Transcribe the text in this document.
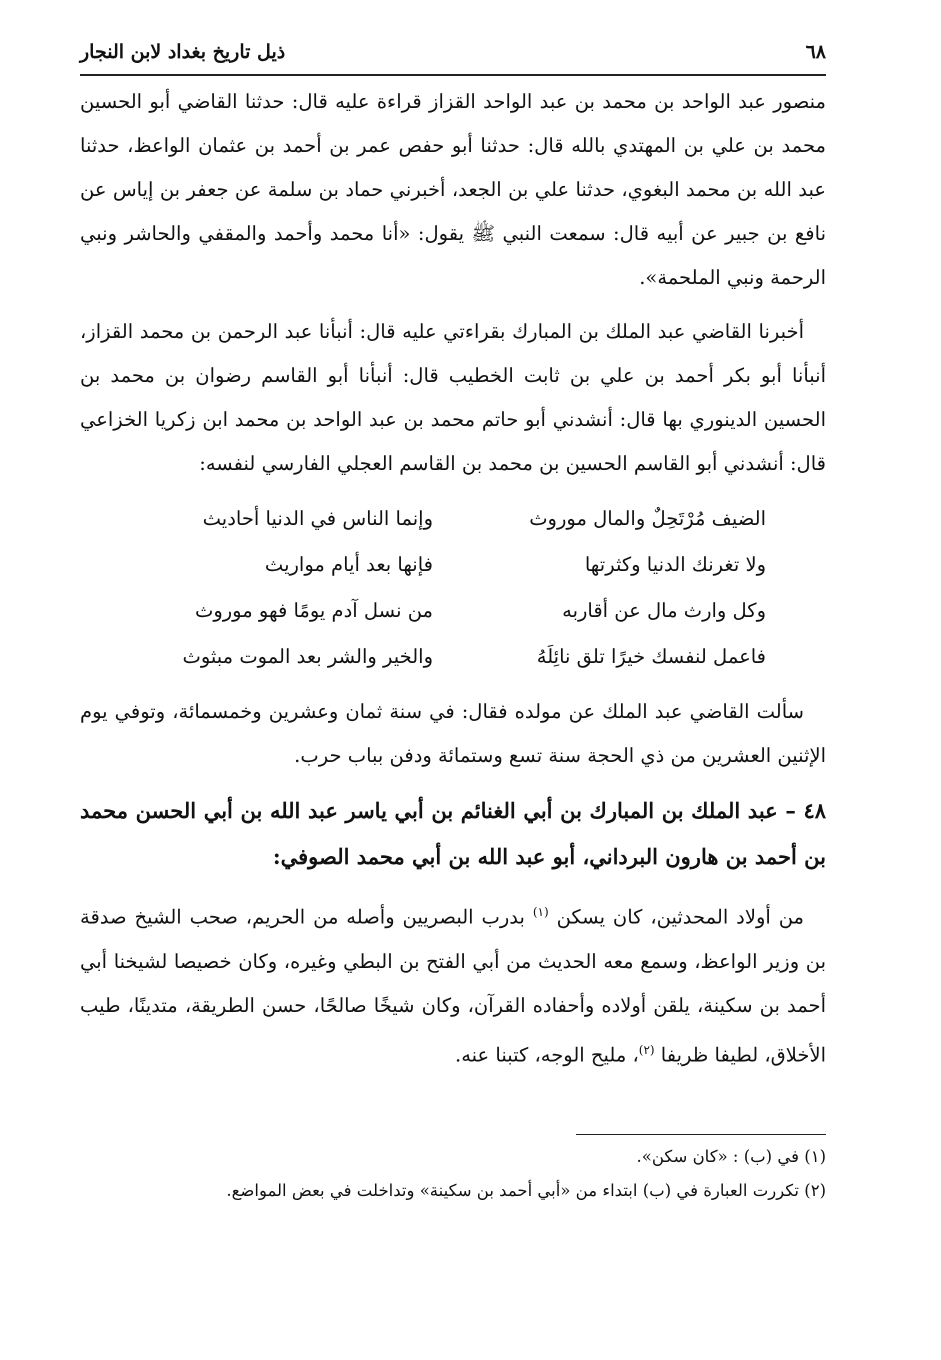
٦٨
ذيل تاريخ بغداد لابن النجار

منصور عبد الواحد بن محمد بن عبد الواحد القزاز قراءة عليه قال: حدثنا القاضي أبو الحسين محمد بن علي بن المهتدي بالله قال: حدثنا أبو حفص عمر بن أحمد بن عثمان الواعظ، حدثنا عبد الله بن محمد البغوي، حدثنا علي بن الجعد، أخبرني حماد بن سلمة عن جعفر بن إياس عن نافع بن جبير عن أبيه قال: سمعت النبي ﷺ يقول: «أنا محمد وأحمد والمقفي والحاشر ونبي الرحمة ونبي الملحمة».

أخبرنا القاضي عبد الملك بن المبارك بقراءتي عليه قال: أنبأنا عبد الرحمن بن محمد القزاز، أنبأنا أبو بكر أحمد بن علي بن ثابت الخطيب قال: أنبأنا أبو القاسم رضوان بن محمد بن الحسين الدينوري بها قال: أنشدني أبو حاتم محمد بن عبد الواحد بن محمد ابن زكريا الخزاعي قال: أنشدني أبو القاسم الحسين بن محمد بن القاسم العجلي الفارسي لنفسه:

الضيف مُرْتَحِلٌ والمال موروث
وإنما الناس في الدنيا أحاديث
ولا تغرنك الدنيا وكثرتها
فإنها بعد أيام مواريث
وكل وارث مال عن أقاربه
من نسل آدم يومًا فهو موروث
فاعمل لنفسك خيرًا تلق نائِلَهُ
والخير والشر بعد الموت مبثوث

سألت القاضي عبد الملك عن مولده فقال: في سنة ثمان وعشرين وخمسمائة، وتوفي يوم الإثنين العشرين من ذي الحجة سنة تسع وستمائة ودفن بباب حرب.

٤٨ – عبد الملك بن المبارك بن أبي الغنائم بن أبي ياسر عبد الله بن أبي الحسن محمد بن أحمد بن هارون البرداني، أبو عبد الله بن أبي محمد الصوفي:

من أولاد المحدثين، كان يسكن $^{(١)}$ بدرب البصريين وأصله من الحريم، صحب الشيخ صدقة بن وزير الواعظ، وسمع معه الحديث من أبي الفتح بن البطي وغيره، وكان خصيصا لشيخنا أبي أحمد بن سكينة، يلقن أولاده وأحفاده القرآن، وكان شيخًا صالحًا، حسن الطريقة، متدينًا، طيب الأخلاق، لطيفا ظريفا $^{(٢)}$، مليح الوجه، كتبنا عنه.

(١) في (ب) : «كان سكن».

(٢) تكررت العبارة في (ب) ابتداء من «أبي أحمد بن سكينة» وتداخلت في بعض المواضع.
